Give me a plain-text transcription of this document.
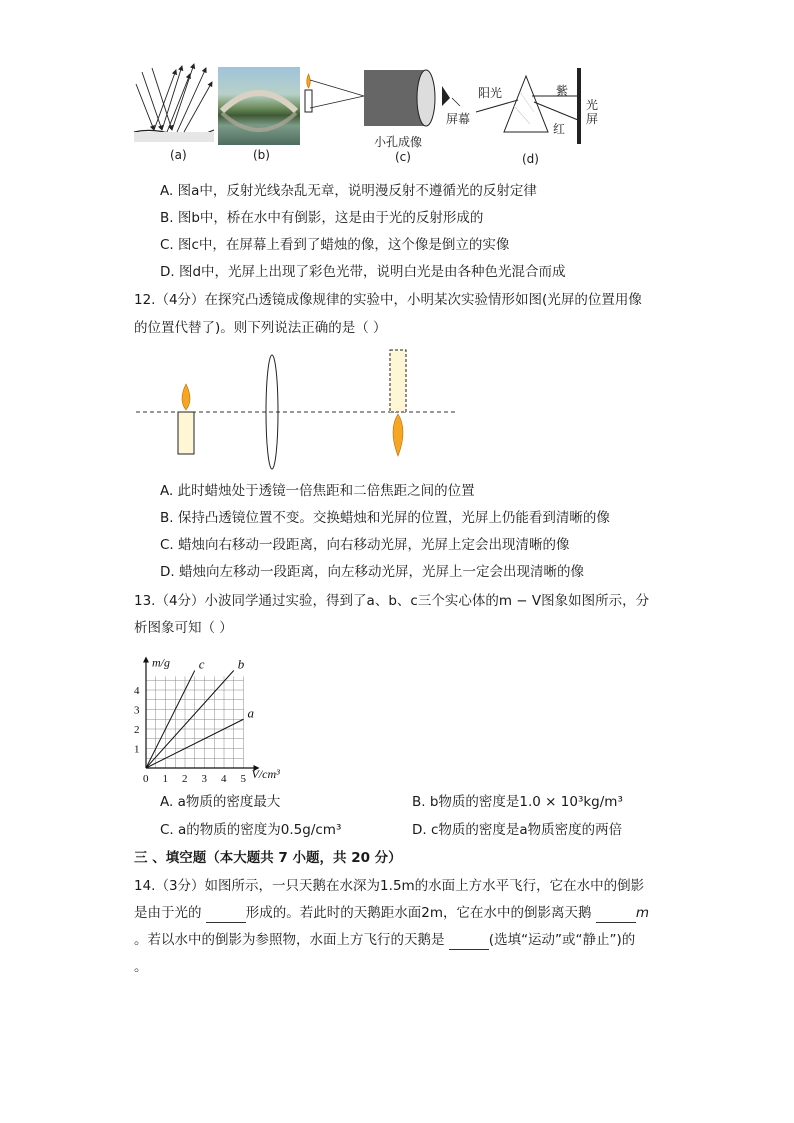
(a)	(b)
屏幕
小孔成像
(c)
阳光	紫
红
光屏
(d)
A. 图a中，反射光线杂乱无章，说明漫反射不遵循光的反射定律
B. 图b中，桥在水中有倒影，这是由于光的反射形成的
C. 图c中，在屏幕上看到了蜡烛的像，这个像是倒立的实像
D. 图d中，光屏上出现了彩色光带，说明白光是由各种色光混合而成
12.（4分）在探究凸透镜成像规律的实验中，小明某次实验情形如图(光屏的位置用像
的位置代替了)。则下列说法正确的是（ ）
A. 此时蜡烛处于透镜一倍焦距和二倍焦距之间的位置
B. 保持凸透镜位置不变。交换蜡烛和光屏的位置，光屏上仍能看到清晰的像
C. 蜡烛向右移动一段距离，向右移动光屏，光屏上定会出现清晰的像
D. 蜡烛向左移动一段距离，向左移动光屏，光屏上一定会出现清晰的像
13.（4分）小波同学通过实验，得到了a、b、c三个实心体的m − V图象如图所示，分
析图象可知（ ）
a
b
c
0 1 2 3 4 5
1
2
3
4
V/cm³
m/g
A. a物质的密度最大	B. b物质的密度是1.0 × 10³kg/m³
C. a的物质的密度为0.5g/cm³	D. c物质的密度是a物质密度的两倍
三 、填空题（本大题共 7 小题，共 20 分）
14.（3分）如图所示，一只天鹅在水深为1.5m的水面上方水平飞行，它在水中的倒影
是由于光的	形成的。若此时的天鹅距水面2m，它在水中的倒影离天鹅	m
。若以水中的倒影为参照物，水面上方飞行的天鹅是	(选填“运动”或“静止”)的
。
